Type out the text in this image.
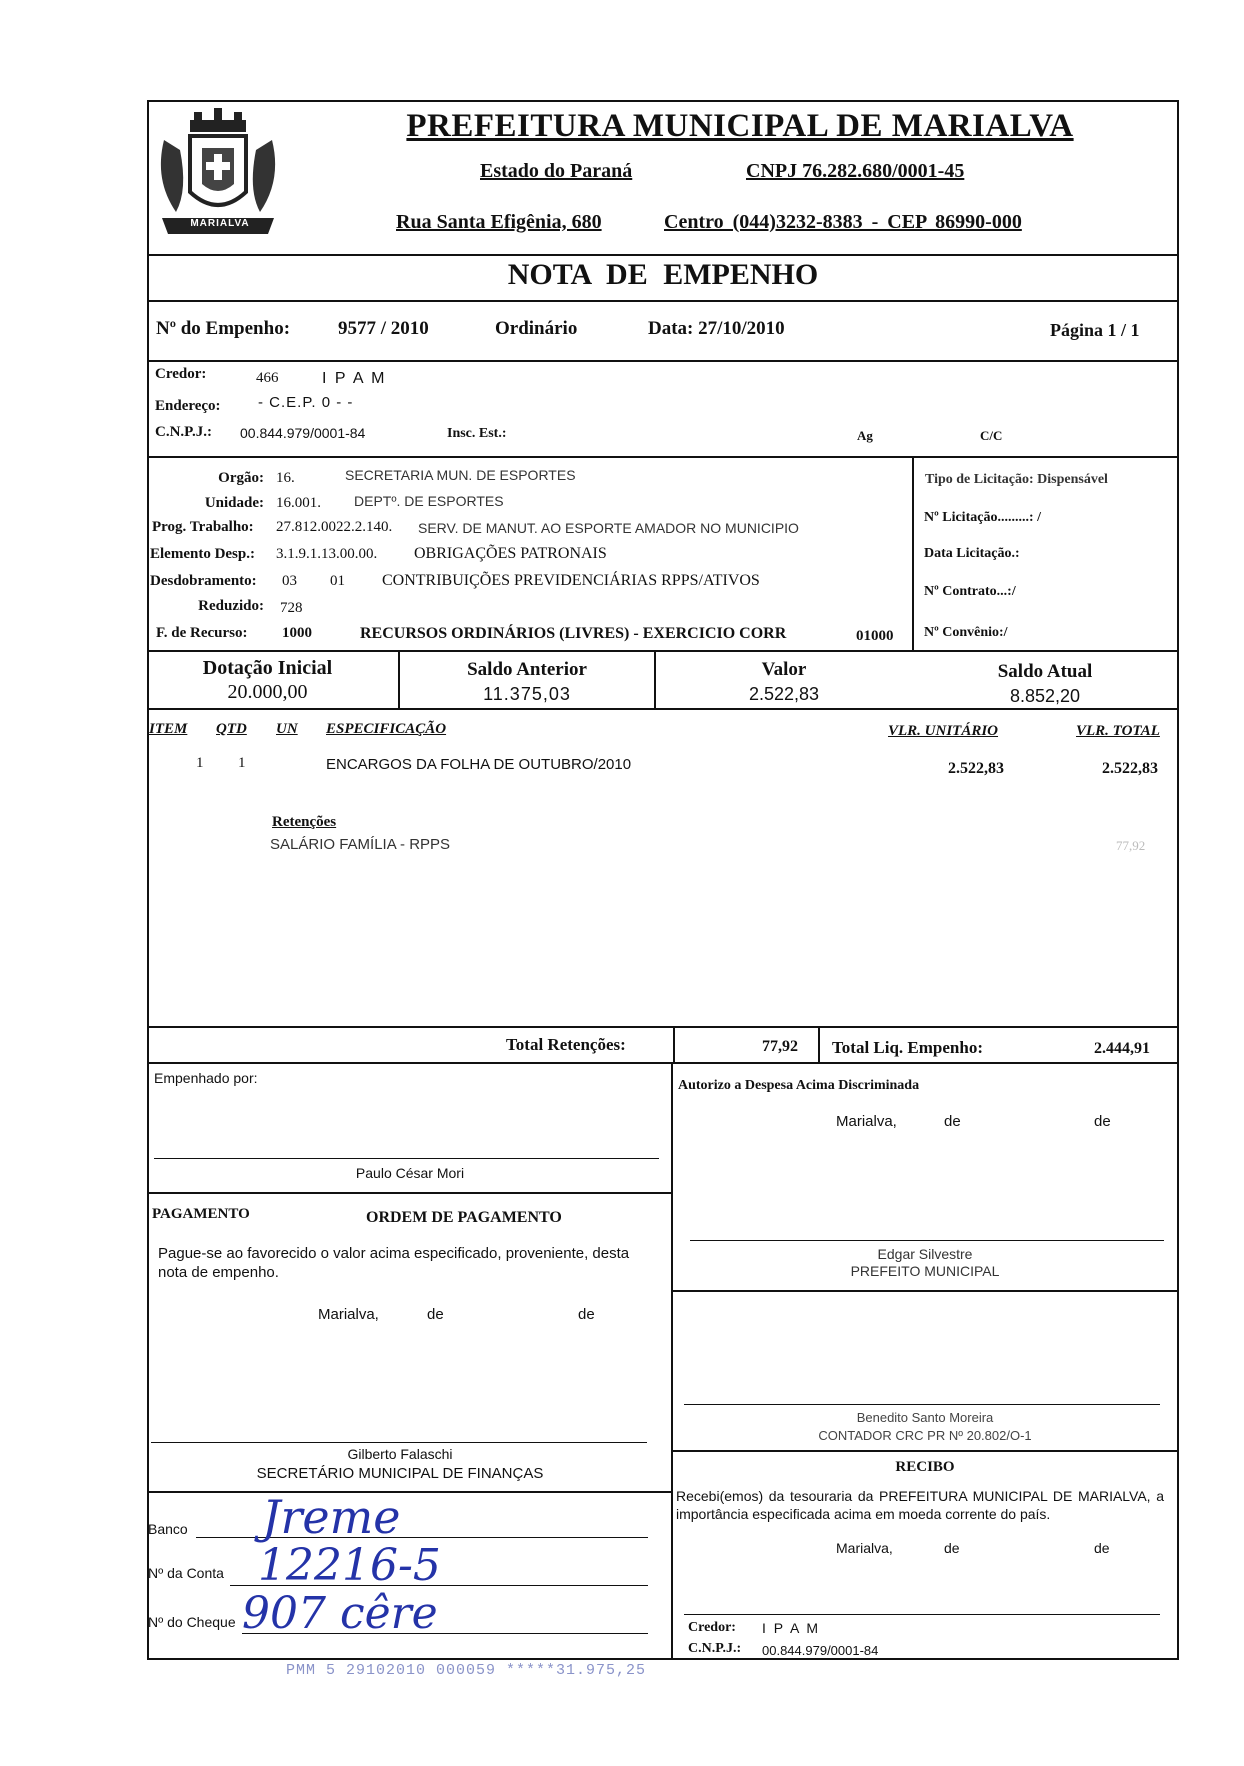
MARIALVA
PREFEITURA MUNICIPAL DE MARIALVA
Estado do Paraná	CNPJ 76.282.680/0001-45
Rua Santa Efigênia, 680	Centro (044)3232-8383 - CEP 86990-000
NOTA DE EMPENHO
Nº do Empenho:	9577 / 2010	Ordinário	Data: 27/10/2010	Página 1 / 1
Credor:	466	I P A M
Endereço: - C.E.P. 0 - -
C.N.P.J.: 00.844.979/0001-84	Insc. Est.:	Ag	C/C
Orgão: 16.	SECRETARIA MUN. DE ESPORTES
Unidade: 16.001. DEPTº. DE ESPORTES
Prog. Trabalho: 27.812.0022.2.140. SERV. DE MANUT. AO ESPORTE AMADOR NO MUNICIPIO
Elemento Desp.: 3.1.9.1.13.00.00. OBRIGAÇÕES PATRONAIS
Desdobramento: 03 01 CONTRIBUIÇÕES PREVIDENCIÁRIAS RPPS/ATIVOS
Reduzido: 728
F. de Recurso: 1000	RECURSOS ORDINÁRIOS (LIVRES) - EXERCICIO CORR	01000
Tipo de Licitação: Dispensável
Nº Licitação.........: /
Data Licitação.:
Nº Contrato...:/
Nº Convênio:/
Dotação Inicial
20.000,00
Saldo Anterior
11.375,03
Valor
2.522,83
Saldo Atual
8.852,20
ITEM QTD UN ESPECIFICAÇÃO	VLR. UNITÁRIO	VLR. TOTAL
1 1	ENCARGOS DA FOLHA DE OUTUBRO/2010	2.522,83	2.522,83
Retenções
SALÁRIO FAMÍLIA - RPPS	77,92
Total Retenções:	77,92 Total Liq. Empenho:	2.444,91
Empenhado por:
Paulo César Mori
PAGAMENTO	ORDEM DE PAGAMENTO
Pague-se ao favorecido o valor acima especificado, proveniente, desta nota de empenho.
Marialva,	de	de
Gilberto Falaschi
SECRETÁRIO MUNICIPAL DE FINANÇAS
Banco Jreme
Nº da Conta 12216-5
Nº do Cheque 907 cêre
Autorizo a Despesa Acima Discriminada
Marialva,	de	de
Edgar Silvestre
PREFEITO MUNICIPAL
Benedito Santo Moreira
CONTADOR CRC PR Nº 20.802/O-1
RECIBO
Recebi(emos) da tesouraria da PREFEITURA MUNICIPAL DE MARIALVA, a importância especificada acima em moeda corrente do país.
Marialva,	de	de
Credor: I P A M
C.N.P.J.: 00.844.979/0001-84
PMM 5 29102010 000059 *****31.975,25
